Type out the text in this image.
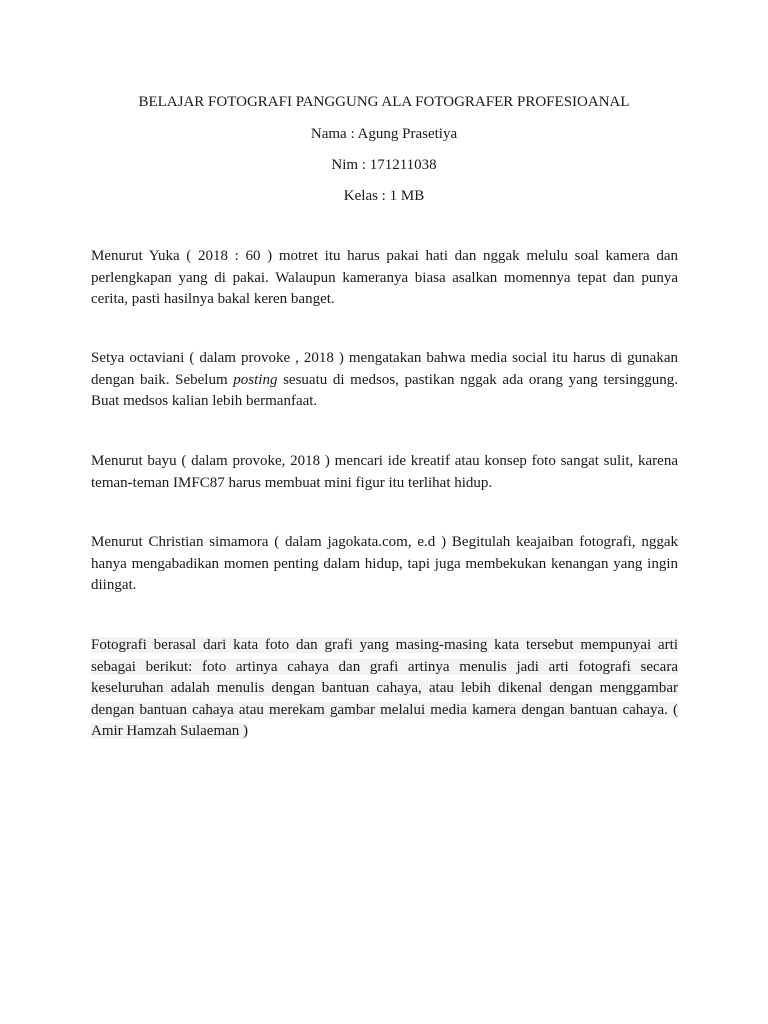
BELAJAR FOTOGRAFI PANGGUNG ALA FOTOGRAFER PROFESIOANAL
Nama : Agung Prasetiya
Nim : 171211038
Kelas : 1 MB

Menurut Yuka ( 2018 : 60 ) motret itu harus pakai hati dan nggak melulu soal kamera dan perlengkapan yang di pakai. Walaupun kameranya biasa asalkan momennya tepat dan punya cerita, pasti hasilnya bakal keren banget.

Setya octaviani ( dalam provoke , 2018 ) mengatakan bahwa media social itu harus di gunakan dengan baik. Sebelum posting sesuatu di medsos, pastikan nggak ada orang yang tersinggung. Buat medsos kalian lebih bermanfaat.

Menurut bayu ( dalam provoke, 2018 ) mencari ide kreatif atau konsep foto sangat sulit, karena teman-teman IMFC87 harus membuat mini figur itu terlihat hidup.

Menurut Christian simamora ( dalam jagokata.com, e.d ) Begitulah keajaiban fotografi, nggak hanya mengabadikan momen penting dalam hidup, tapi juga membekukan kenangan yang ingin diingat.

Fotografi berasal dari kata foto dan grafi yang masing-masing kata tersebut mempunyai arti sebagai berikut: foto artinya cahaya dan grafi artinya menulis jadi arti fotografi secara keseluruhan adalah menulis dengan bantuan cahaya, atau lebih dikenal dengan menggambar dengan bantuan cahaya atau merekam gambar melalui media kamera dengan bantuan cahaya. ( Amir Hamzah Sulaeman )
